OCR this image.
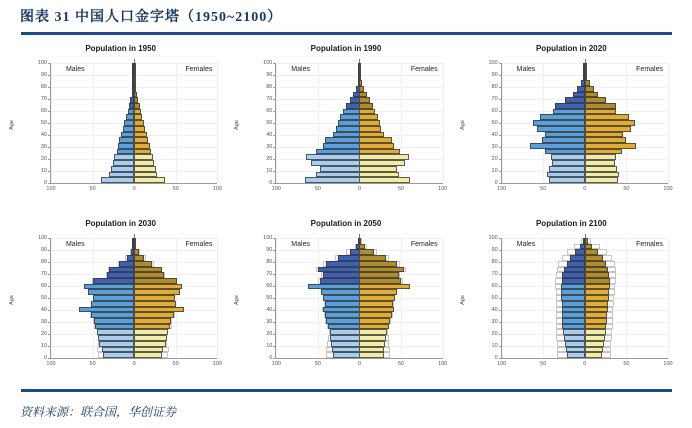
图表 31 中国人口金字塔（1950~2100）
Population in 1950
Age
Males	Females
0
10
20
30
40
50
60
70
80
90
100
100	50	0	50	100
Population in 1990
Age
Males	Females
0
10
20
30
40
50
60
70
80
90
100
100	50	0	50	100
Population in 2020
Age
Males	Females
0
10
20
30
40
50
60
70
80
90
100
100	50	0	50	100
Population in 2030
Age
Males	Females
0
10
20
30
40
50
60
70
80
90
100
100	50	0	50	100
Population in 2050
Age
Males	Females
0
10
20
30
40
50
60
70
80
90
100
100	50	0	50	100
Population in 2100
Age
Males	Females
0
10
20
30
40
50
60
70
80
90
100
100	50	0	50	100
资料来源：联合国，华创证券
